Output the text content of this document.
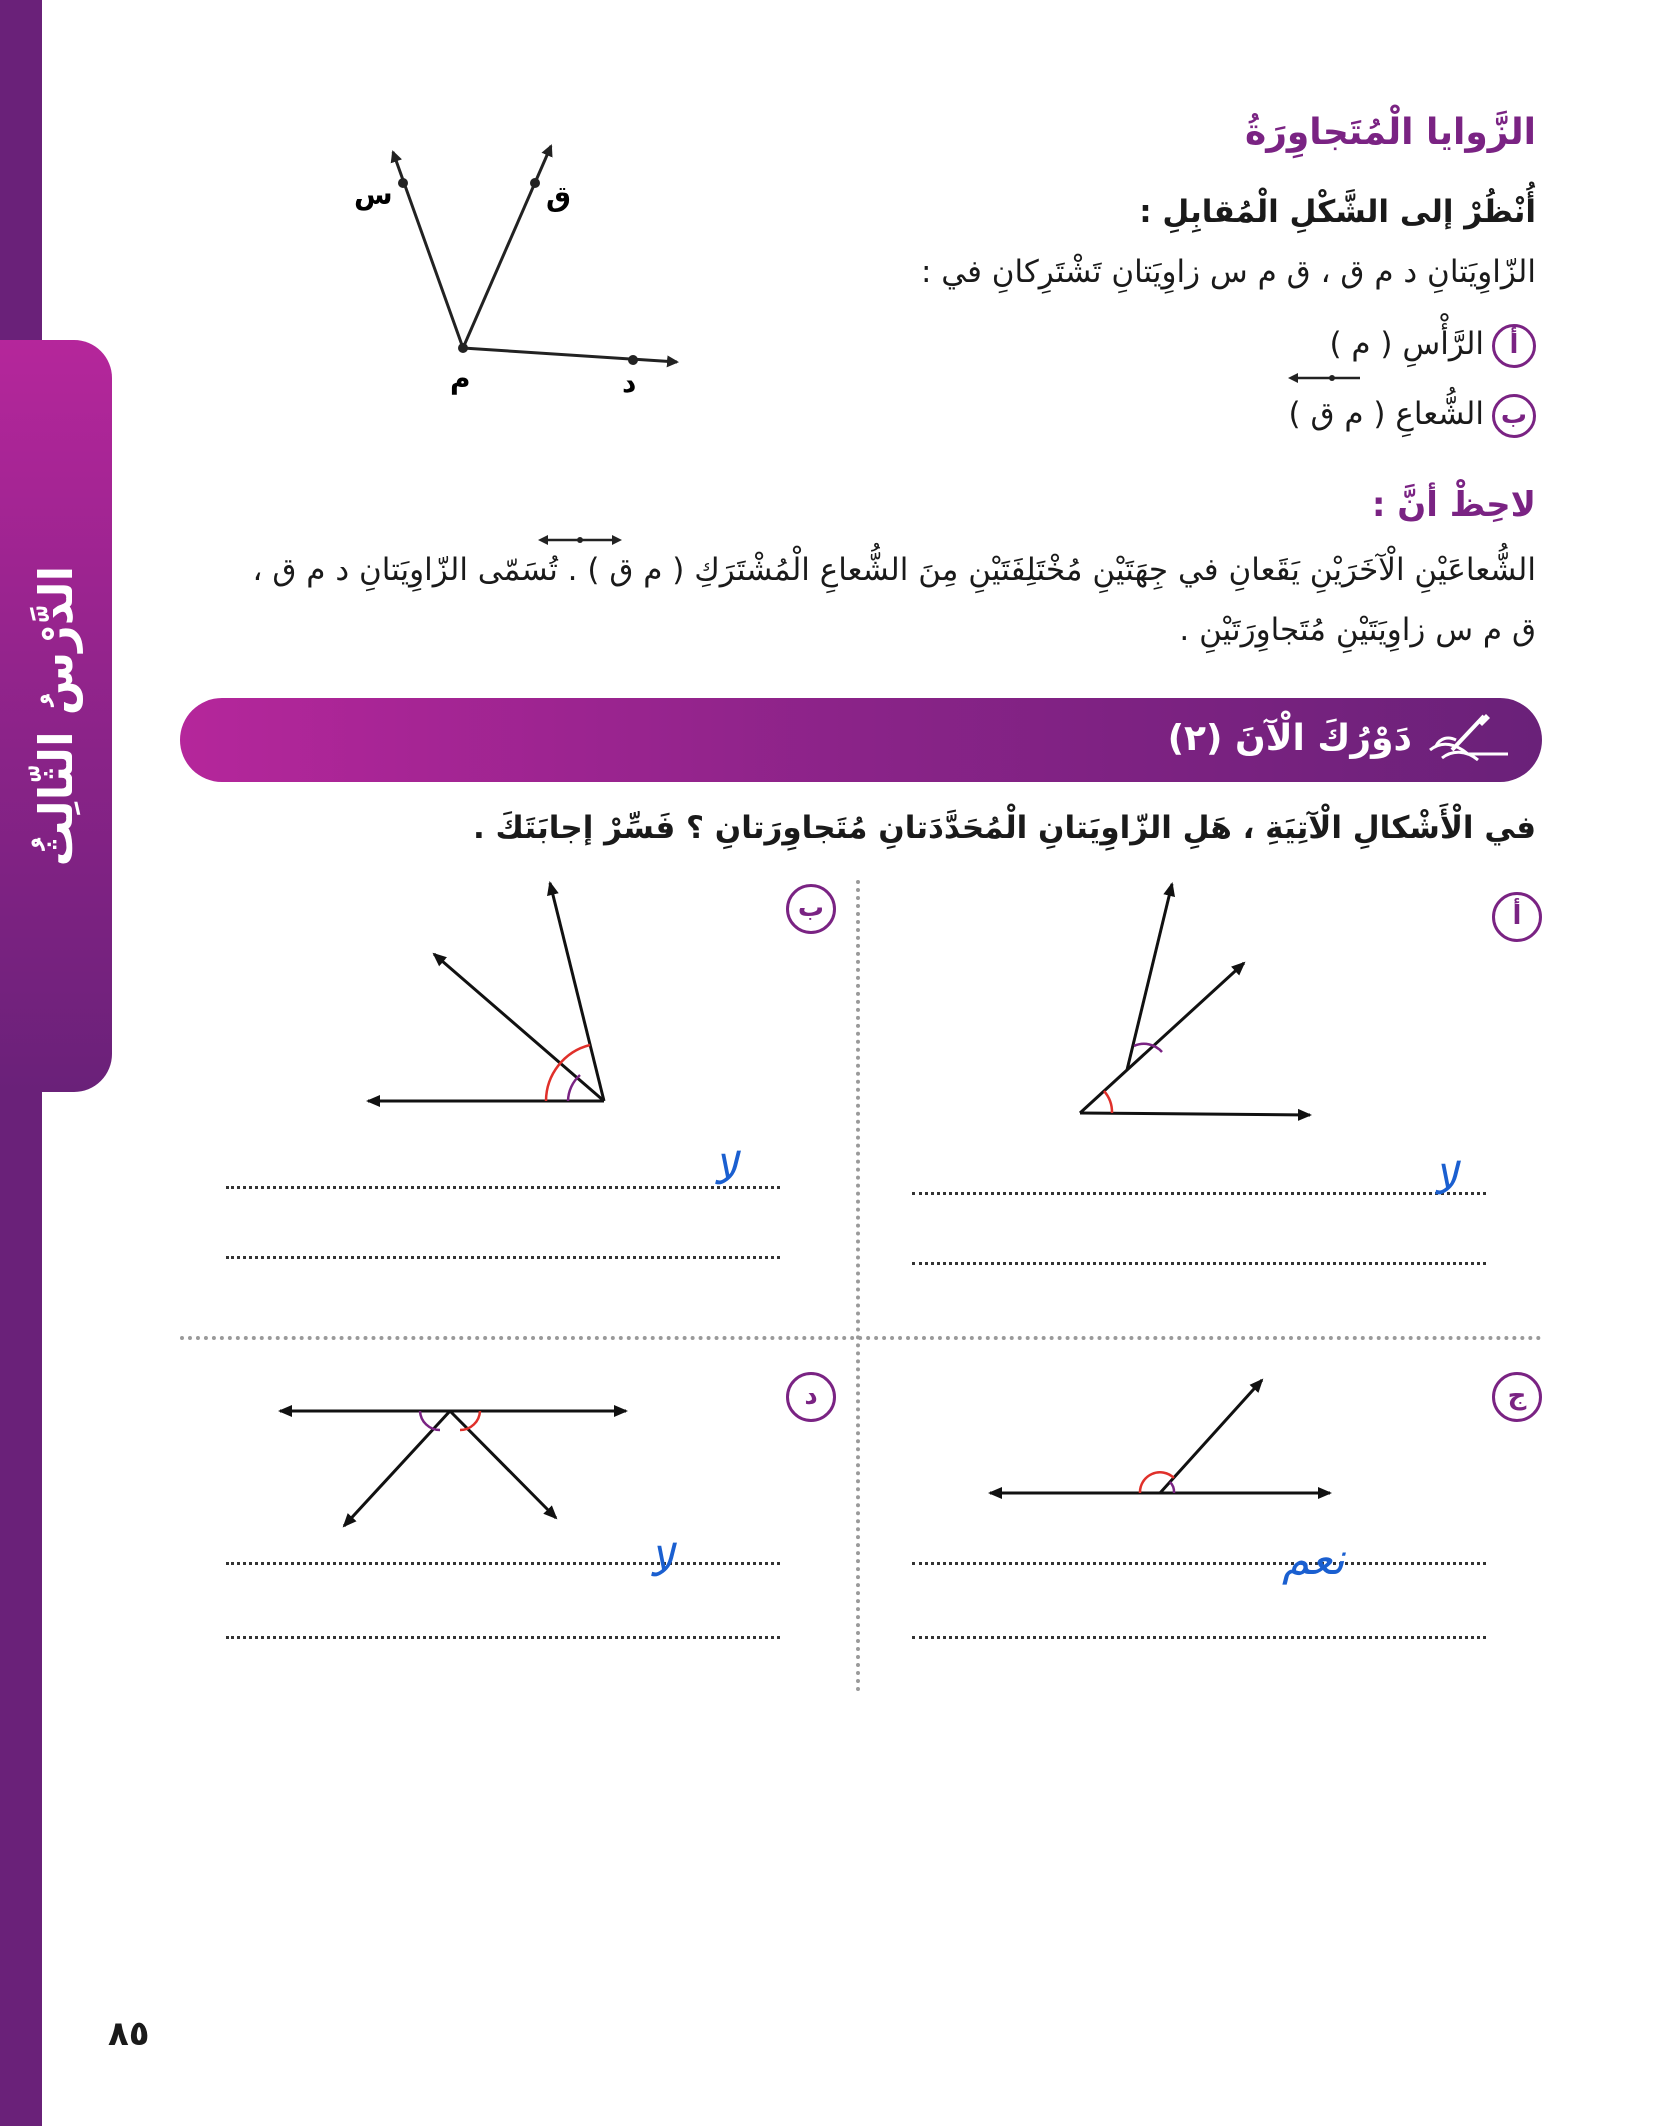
الدَّرْسُ الثّالِثُ
الزَّوايا الْمُتَجاوِرَةُ
أُنْظُرْ إلى الشَّكْلِ الْمُقابِلِ :
الزّاوِيَتانِ د م ق ، ق م س زاوِيَتانِ تَشْتَرِكانِ في :
أالرَّأْسِ ( م )
بالشُّعاعِ ( م ق )
س	ق
م	د
لاحِظْ أنَّ :
الشُّعاعَيْنِ الْآخَرَيْنِ يَقَعانِ في جِهَتَيْنِ مُخْتَلِفَتَيْنِ مِنَ الشُّعاعِ الْمُشْتَرَكِ ( م ق ) . تُسَمّى الزّاوِيَتانِ د م ق ،
ق م س زاوِيَتَيْنِ مُتَجاوِرَتَيْنِ .
دَوْرُكَ الْآنَ (٢)
في الْأَشْكالِ الْآتِيَةِ ، هَلِ الزّاوِيَتانِ الْمُحَدَّدَتانِ مُتَجاوِرَتانِ ؟ فَسِّرْ إجابَتَكَ .
أ
ب
ج
د
لا
لا
نعم
لا
٨٥
